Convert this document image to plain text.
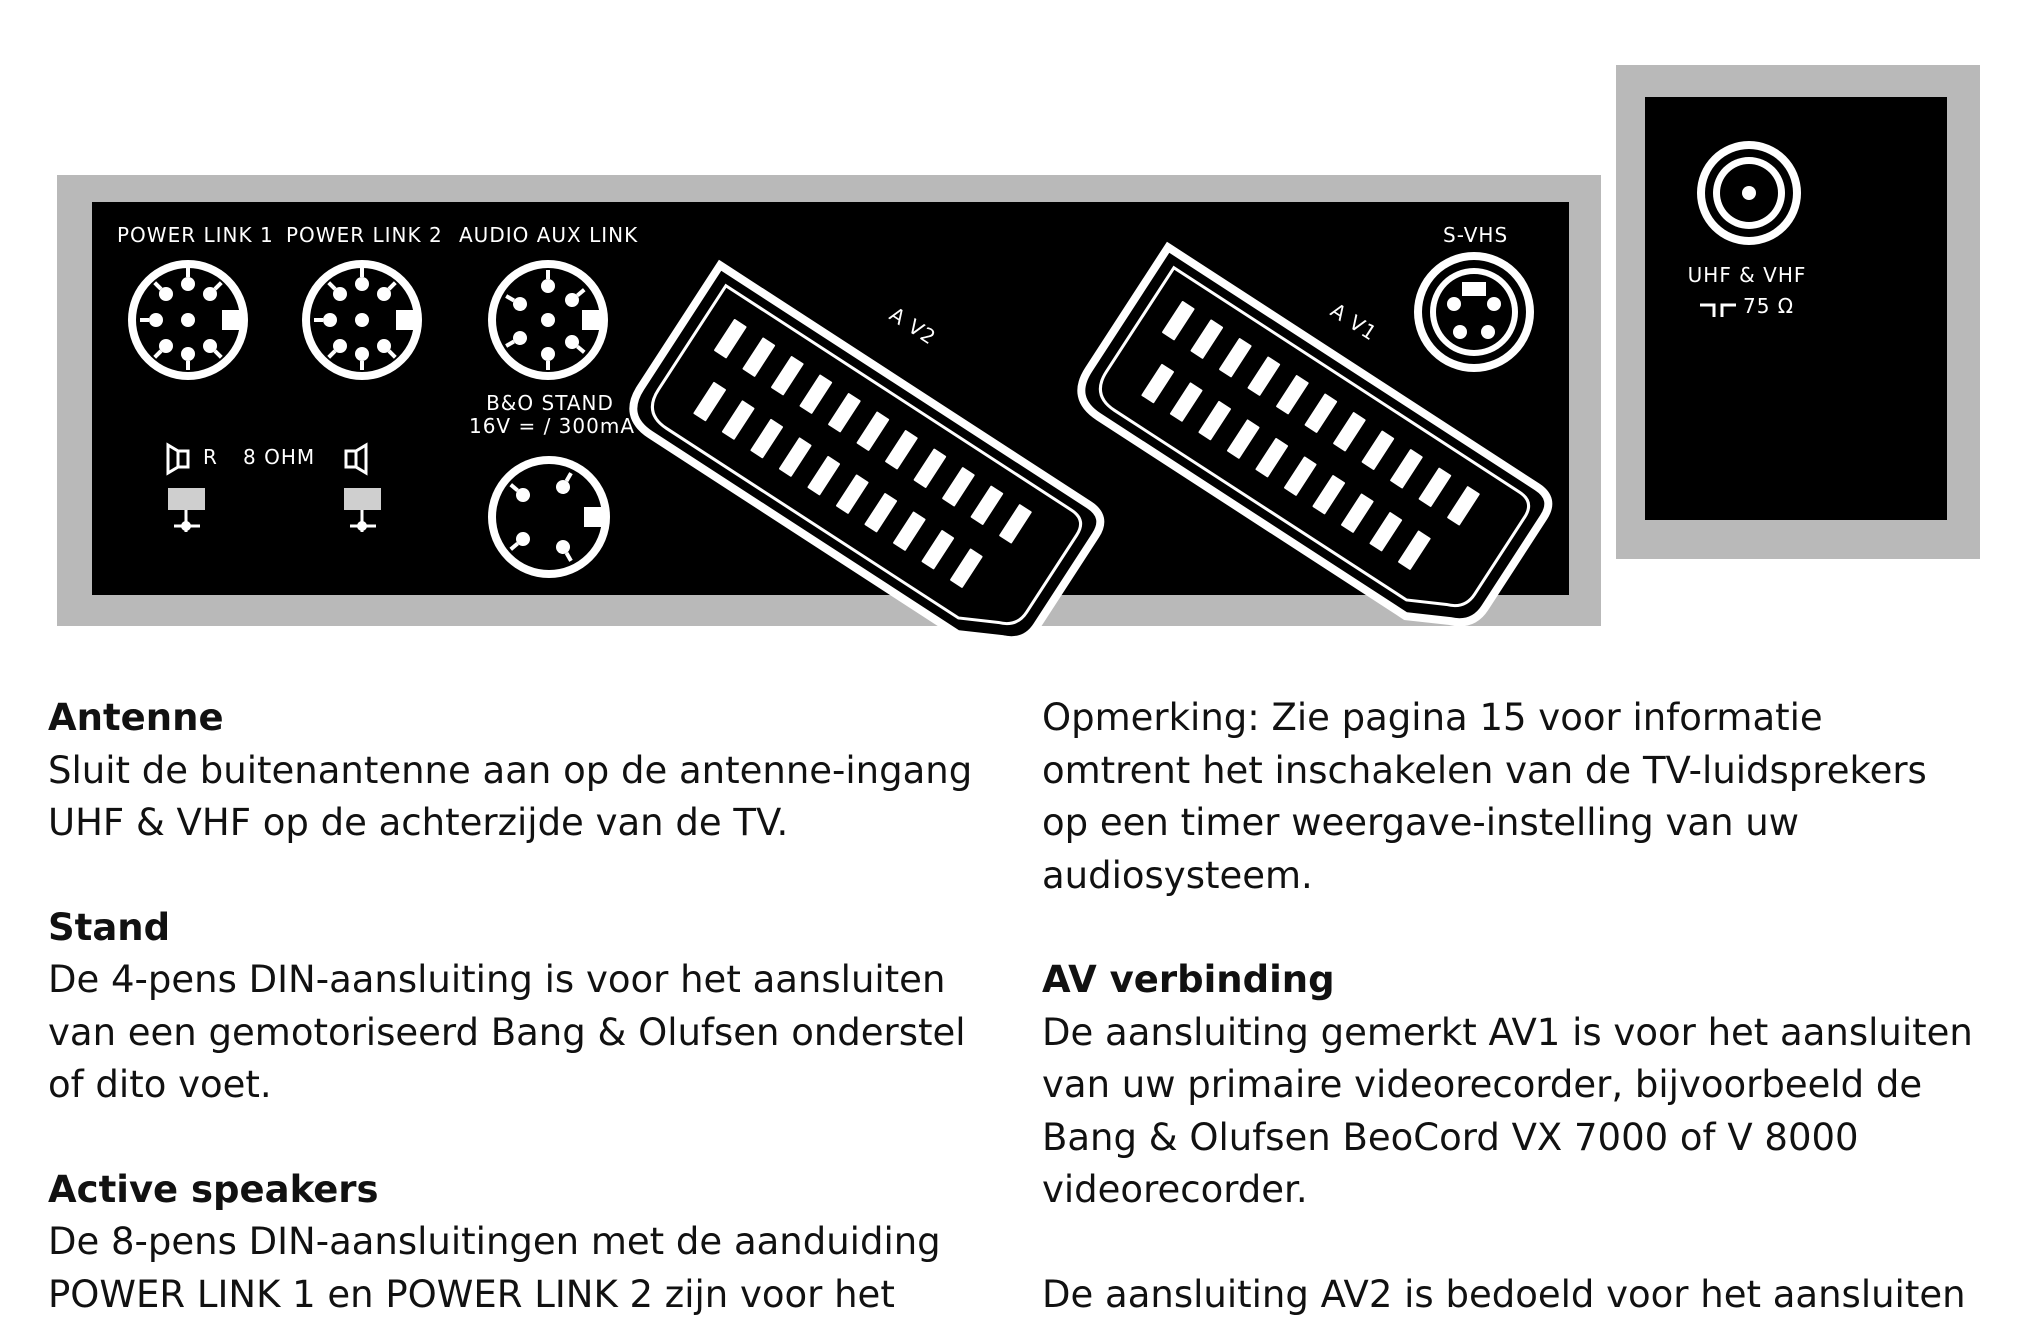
POWER LINK 1 POWER LINK 2 AUDIO AUX LINK	S-VHS
B&O STAND
16V = / 300mA
R 8 OHM
A V2	A V1
UHF & VHF
75 Ω
Antenne

Sluit de buitenantenne aan op de antenne-ingang

UHF & VHF op de achterzijde van de TV.

Stand

De 4-pens DIN-aansluiting is voor het aansluiten

van een gemotoriseerd Bang & Olufsen onderstel

of dito voet.

Active speakers

De 8-pens DIN-aansluitingen met de aanduiding

POWER LINK 1 en POWER LINK 2 zijn voor het

Opmerking: Zie pagina 15 voor informatie

omtrent het inschakelen van de TV-luidsprekers

op een timer weergave-instelling van uw

audiosysteem.

AV verbinding

De aansluiting gemerkt AV1 is voor het aansluiten

van uw primaire videorecorder, bijvoorbeeld de

Bang & Olufsen BeoCord VX 7000 of V 8000

videorecorder.

De aansluiting AV2 is bedoeld voor het aansluiten
